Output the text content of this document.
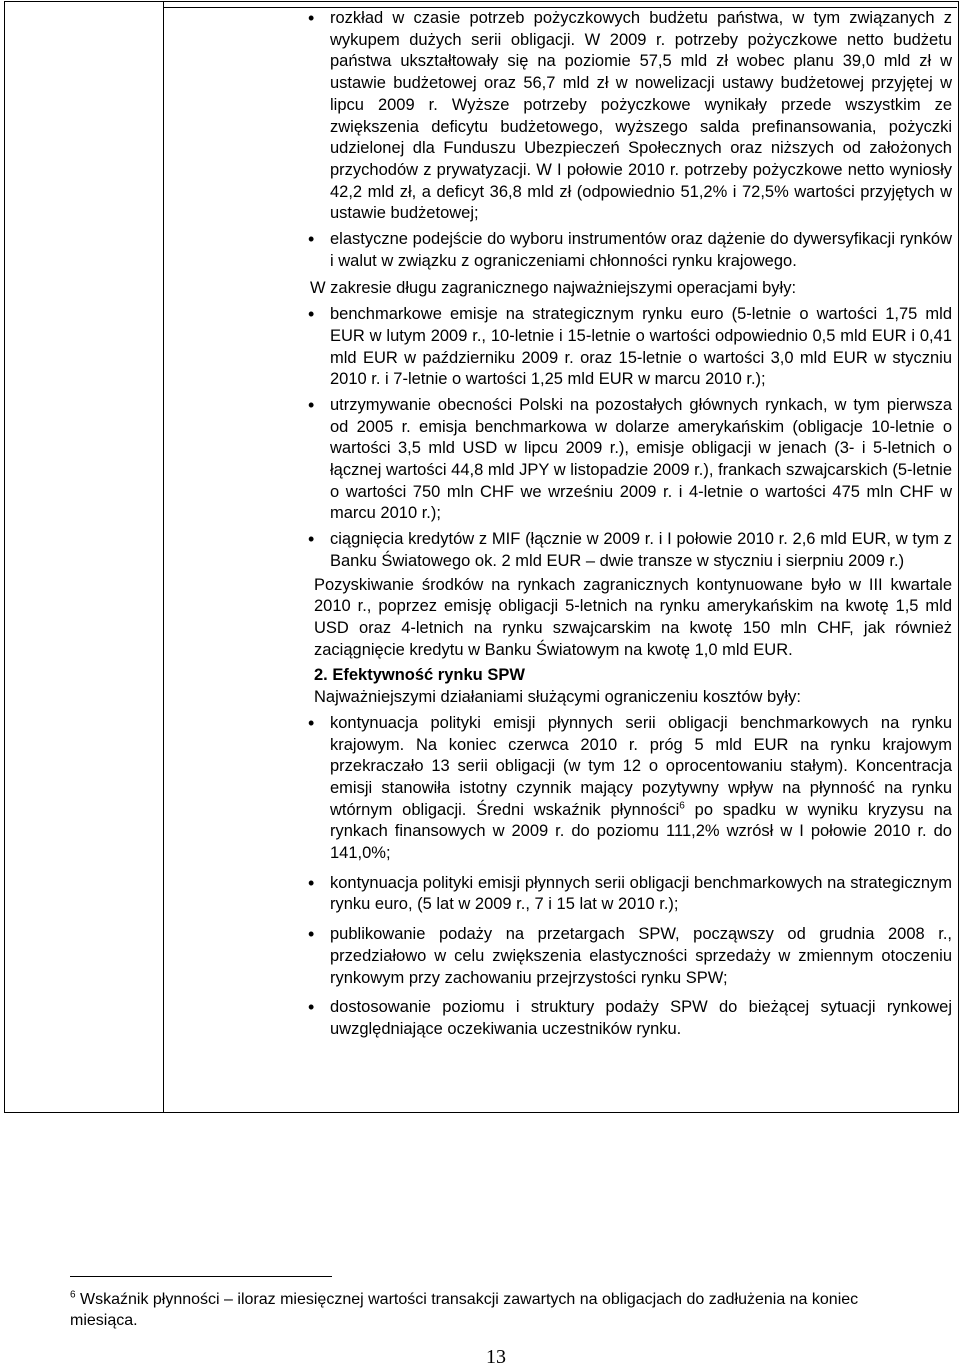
• rozkład w czasie potrzeb pożyczkowych budżetu państwa, w tym związanych z wykupem dużych serii obligacji. W 2009 r. potrzeby pożyczkowe netto budżetu państwa ukształtowały się na poziomie 57,5 mld zł wobec planu 39,0 mld zł w ustawie budżetowej oraz 56,7 mld zł w nowelizacji ustawy budżetowej przyjętej w lipcu 2009 r. Wyższe potrzeby pożyczkowe wynikały przede wszystkim ze zwiększenia deficytu budżetowego, wyższego salda prefinansowania, pożyczki udzielonej dla Funduszu Ubezpieczeń Społecznych oraz niższych od założonych przychodów z prywatyzacji. W I połowie 2010 r. potrzeby pożyczkowe netto wyniosły 42,2 mld zł, a deficyt 36,8 mld zł (odpowiednio 51,2% i 72,5% wartości przyjętych w ustawie budżetowej;
• elastyczne podejście do wyboru instrumentów oraz dążenie do dywersyfikacji rynków i walut w związku z ograniczeniami chłonności rynku krajowego.

W zakresie długu zagranicznego najważniejszymi operacjami były:

• benchmarkowe emisje na strategicznym rynku euro (5-letnie o wartości 1,75 mld EUR w lutym 2009 r., 10-letnie i 15-letnie o wartości odpowiednio 0,5 mld EUR i 0,41 mld EUR w październiku 2009 r. oraz 15-letnie o wartości 3,0 mld EUR w styczniu 2010 r. i 7-letnie o wartości 1,25 mld EUR w marcu 2010 r.);
• utrzymywanie obecności Polski na pozostałych głównych rynkach, w tym pierwsza od 2005 r. emisja benchmarkowa w dolarze amerykańskim (obligacje 10-letnie o wartości 3,5 mld USD w lipcu 2009 r.), emisje obligacji w jenach (3- i 5-letnich o łącznej wartości 44,8 mld JPY w listopadzie 2009 r.), frankach szwajcarskich (5-letnie o wartości 750 mln CHF we wrześniu 2009 r. i 4-letnie o wartości 475 mln CHF w marcu 2010 r.);
• ciągnięcia kredytów z MIF (łącznie w 2009 r. i I połowie 2010 r. 2,6 mld EUR, w tym z Banku Światowego ok. 2 mld EUR – dwie transze w styczniu i sierpniu 2009 r.)

Pozyskiwanie środków na rynkach zagranicznych kontynuowane było w III kwartale 2010 r., poprzez emisję obligacji 5-letnich na rynku amerykańskim na kwotę 1,5 mld USD oraz 4-letnich na rynku szwajcarskim na kwotę 150 mln CHF, jak również zaciągnięcie kredytu w Banku Światowym na kwotę 1,0 mld EUR.

2. Efektywność rynku SPW

Najważniejszymi działaniami służącymi ograniczeniu kosztów były:

• kontynuacja polityki emisji płynnych serii obligacji benchmarkowych na rynku krajowym. Na koniec czerwca 2010 r. próg 5 mld EUR na rynku krajowym przekraczało 13 serii obligacji (w tym 12 o oprocentowaniu stałym). Koncentracja emisji stanowiła istotny czynnik mający pozytywny wpływ na płynność na rynku wtórnym obligacji. Średni wskaźnik płynności$^6$ po spadku w wyniku kryzysu na rynkach finansowych w 2009 r. do poziomu 111,2% wzrósł w I połowie 2010 r. do 141,0%;
• kontynuacja polityki emisji płynnych serii obligacji benchmarkowych na strategicznym rynku euro, (5 lat w 2009 r., 7 i 15 lat w 2010 r.);
• publikowanie podaży na przetargach SPW, począwszy od grudnia 2008 r., przedziałowo w celu zwiększenia elastyczności sprzedaży w zmiennym otoczeniu rynkowym przy zachowaniu przejrzystości rynku SPW;
• dostosowanie poziomu i struktury podaży SPW do bieżącej sytuacji rynkowej uwzględniające oczekiwania uczestników rynku.
$^6$ Wskaźnik płynności – iloraz miesięcznej wartości transakcji zawartych na obligacjach do zadłużenia na koniec miesiąca.
13
